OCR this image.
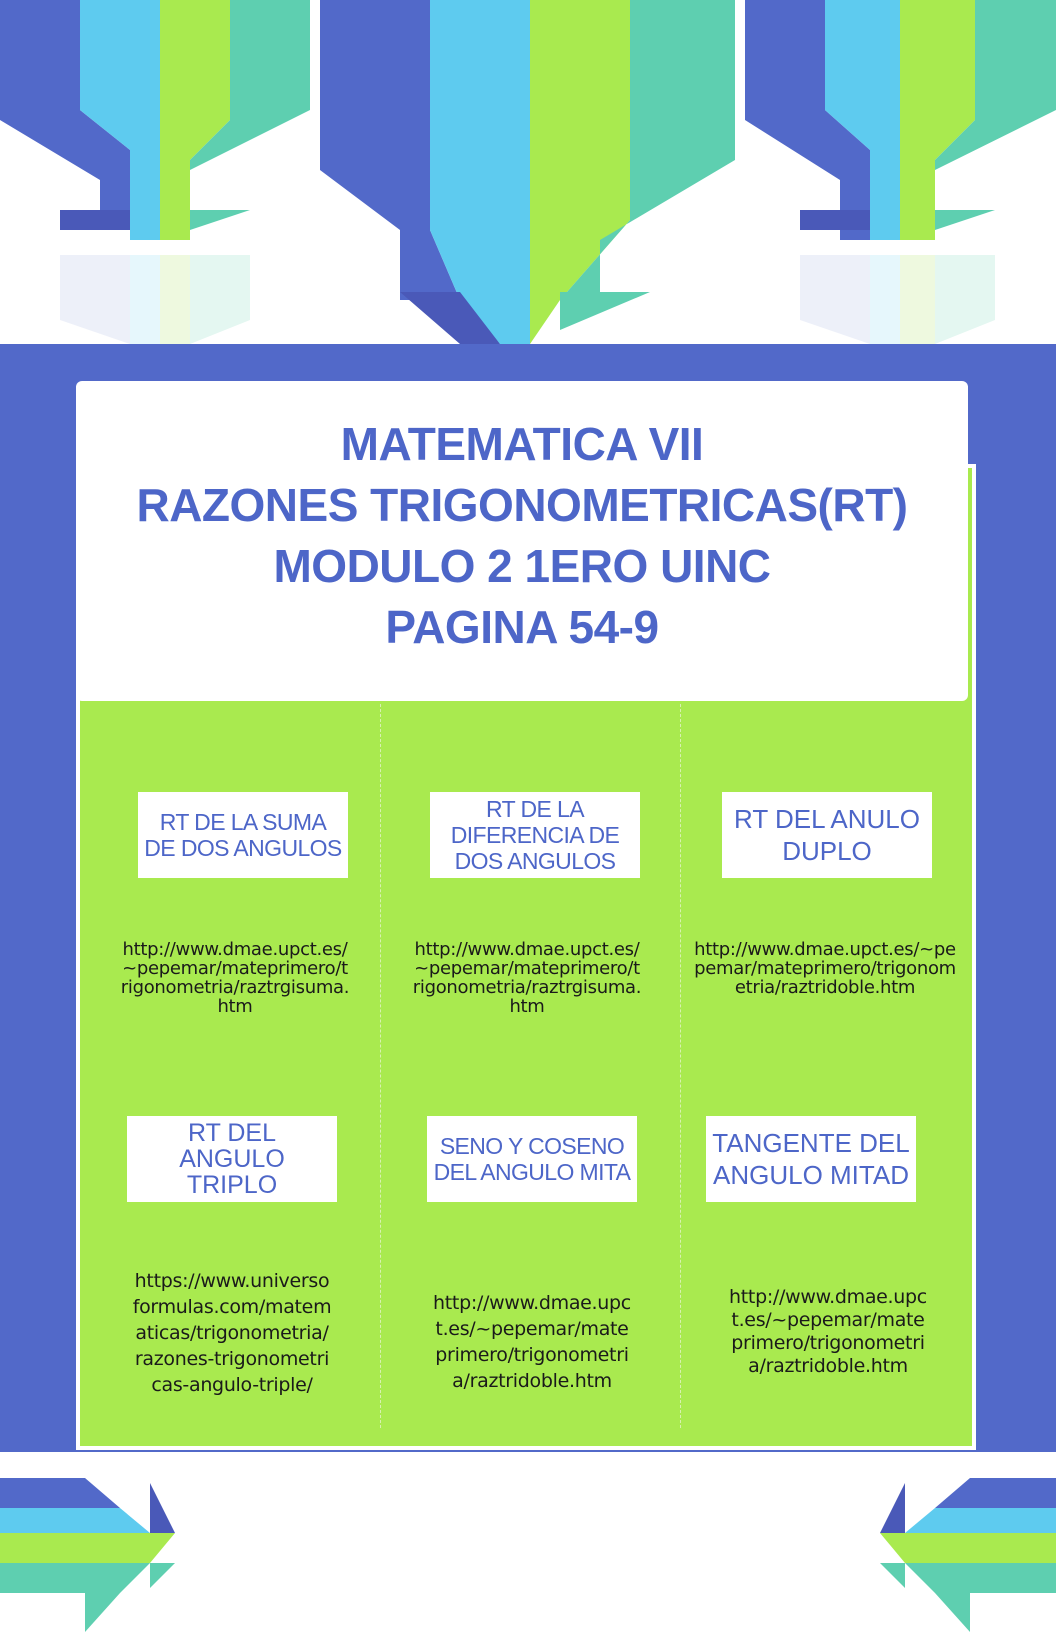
MATEMATICA VII
RAZONES TRIGONOMETRICAS(RT)
MODULO 2 1ERO UINC
PAGINA 54-9
RT DE LA SUMA DE DOS ANGULOS
http://www.dmae.upct.es/~pepemar/mateprimero/trigonometria/raztrgisuma.htm
RT DE LA DIFERENCIA DE DOS ANGULOS
http://www.dmae.upct.es/~pepemar/mateprimero/trigonometria/raztrgisuma.htm
RT DEL ANULO DUPLO
http://www.dmae.upct.es/~pepemar/mateprimero/trigonometria/raztridoble.htm
RT DEL ANGULO TRIPLO
https://www.universoformulas.com/matematicas/trigonometria/razones-trigonometricas-angulo-triple/
SENO Y COSENO DEL ANGULO MITA
http://www.dmae.upct.es/~pepemar/mateprimero/trigonometria/raztridoble.htm
TANGENTE DEL ANGULO MITAD
http://www.dmae.upct.es/~pepemar/mateprimero/trigonometria/raztridoble.htm
